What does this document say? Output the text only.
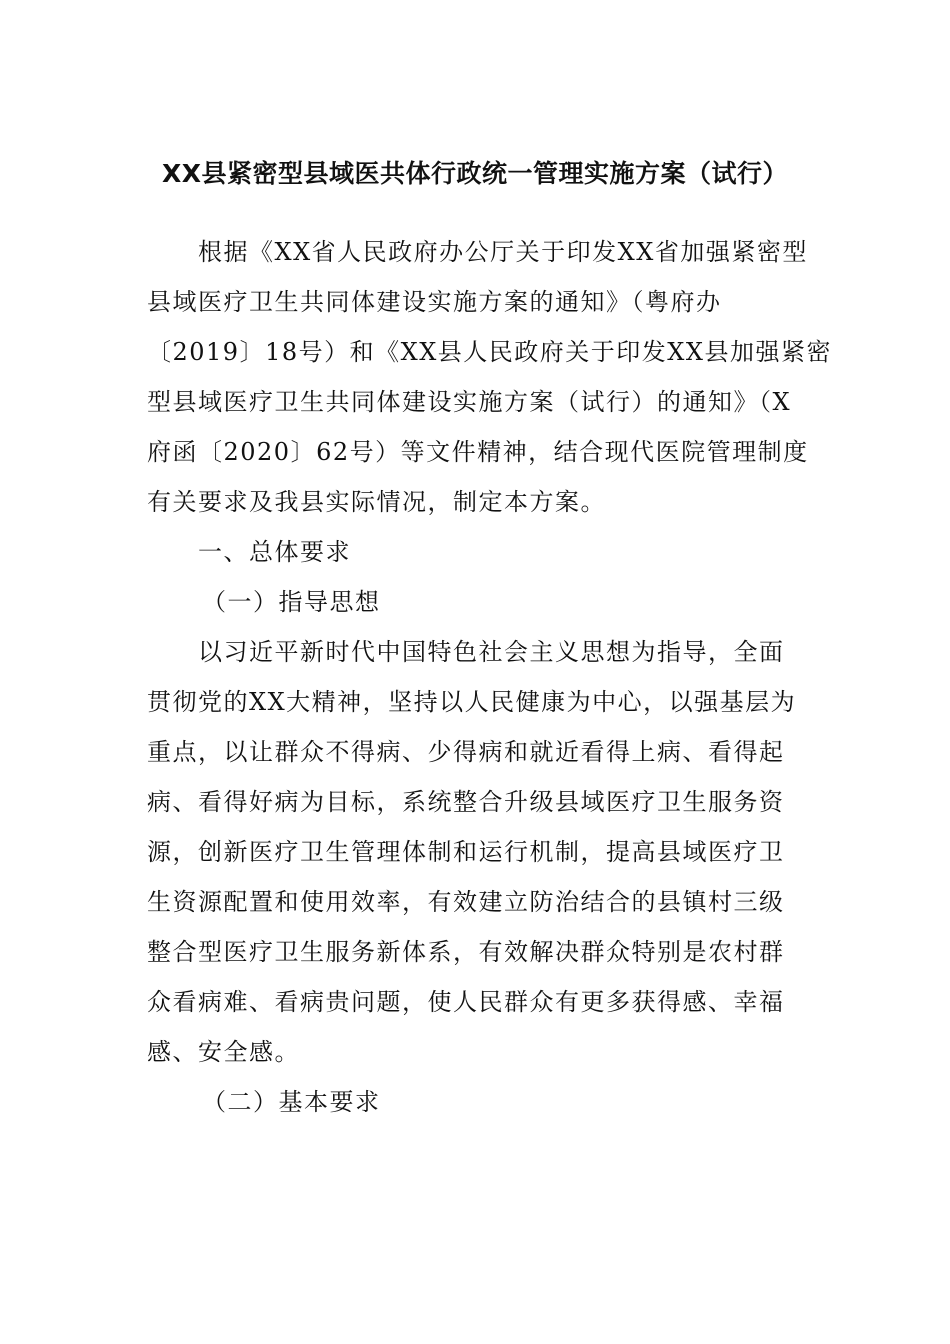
XX县紧密型县域医共体行政统一管理实施方案（试行）
根据《XX省人民政府办公厅关于印发XX省加强紧密型
县域医疗卫生共同体建设实施方案的通知》（粤府办
〔2019〕18号）和《XX县人民政府关于印发XX县加强紧密
型县域医疗卫生共同体建设实施方案（试行）的通知》（X
府函〔2020〕62号）等文件精神，结合现代医院管理制度
有关要求及我县实际情况，制定本方案。
一、总体要求
（一）指导思想
以习近平新时代中国特色社会主义思想为指导，全面
贯彻党的XX大精神，坚持以人民健康为中心，以强基层为
重点，以让群众不得病、少得病和就近看得上病、看得起
病、看得好病为目标，系统整合升级县域医疗卫生服务资
源，创新医疗卫生管理体制和运行机制，提高县域医疗卫
生资源配置和使用效率，有效建立防治结合的县镇村三级
整合型医疗卫生服务新体系，有效解决群众特别是农村群
众看病难、看病贵问题，使人民群众有更多获得感、幸福
感、安全感。
（二）基本要求
